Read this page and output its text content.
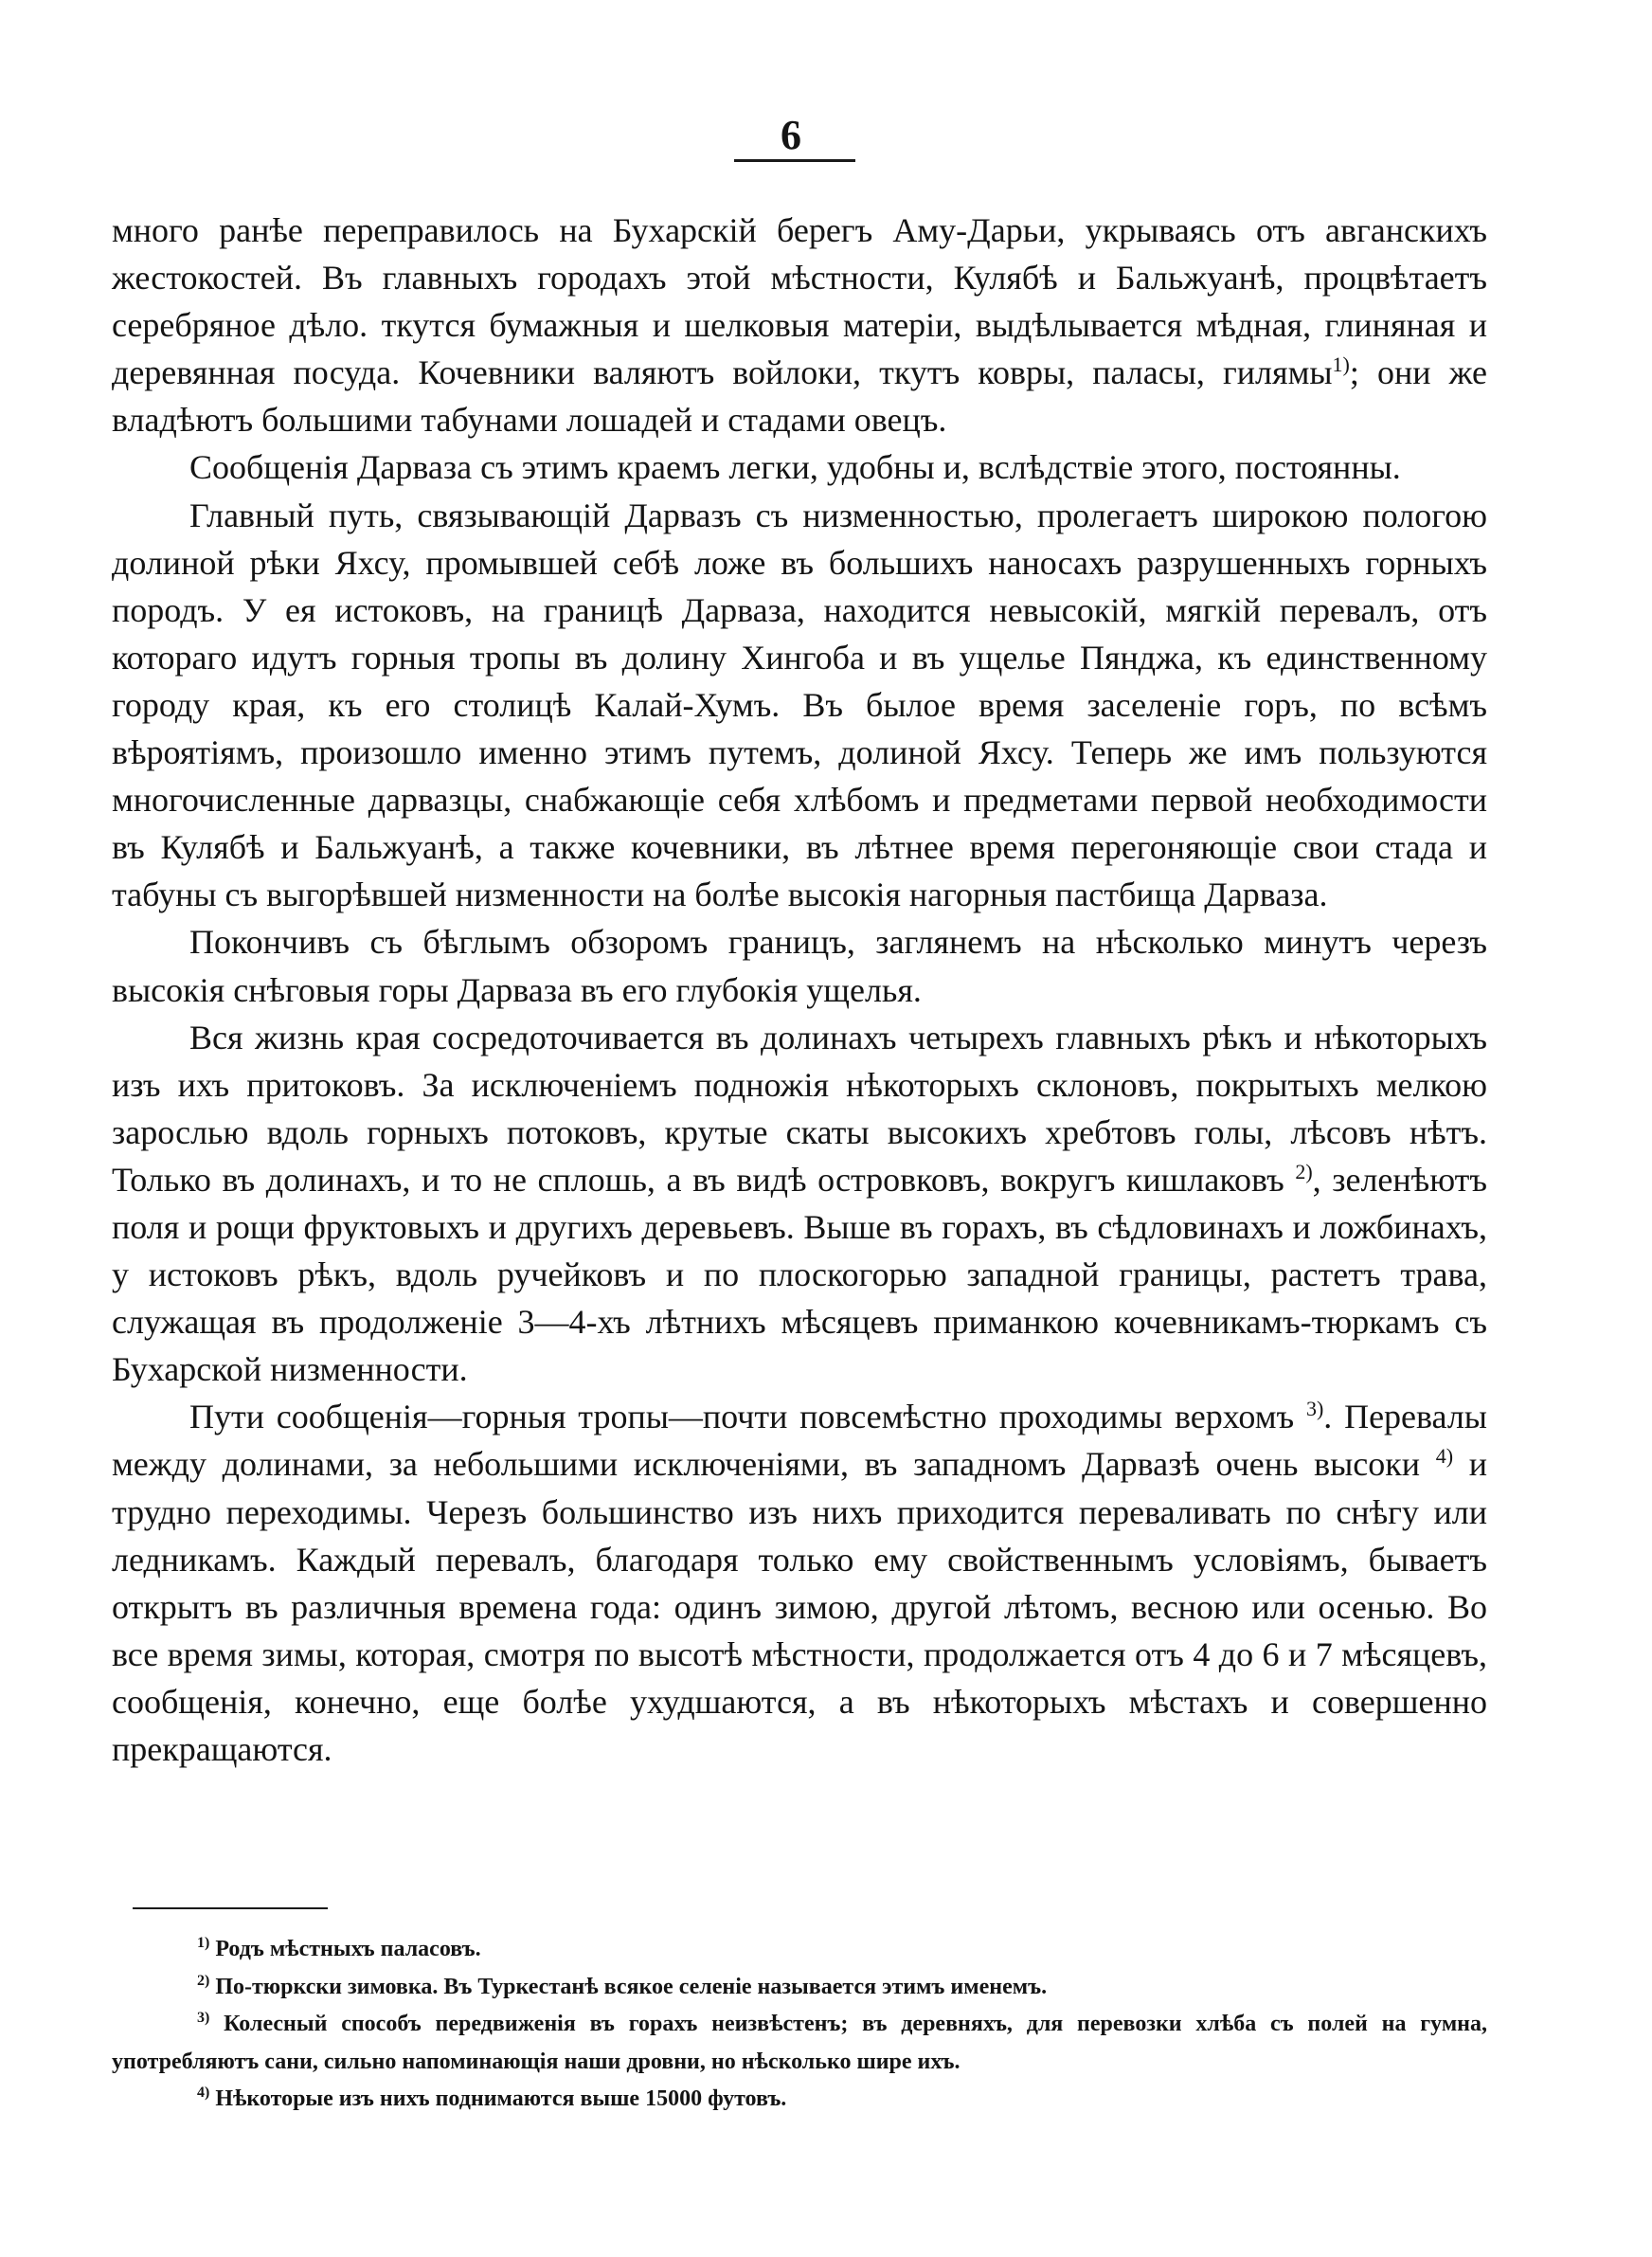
6

много ранѣе переправилось на Бухарскій берегъ Аму-Дарьи, укрываясь отъ авганскихъ жестокостей. Въ главныхъ городахъ этой мѣстности, Кулябѣ и Бальжуанѣ, процвѣтаетъ серебряное дѣло. ткутся бумажныя и шелковыя матеріи, выдѣлывается мѣдная, глиняная и деревянная посуда. Кочевники валяютъ войлоки, ткутъ ковры, паласы, гилямы$^{1)}$; они же владѣютъ большими табунами лошадей и стадами овецъ.

Сообщенія Дарваза съ этимъ краемъ легки, удобны и, вслѣдствіе этого, постоянны.

Главный путь, связывающій Дарвазъ съ низменностью, пролегаетъ широкою пологою долиной рѣки Яхсу, промывшей себѣ ложе въ большихъ наносахъ разрушенныхъ горныхъ породъ. У ея истоковъ, на границѣ Дарваза, находится невысокій, мягкій перевалъ, отъ котораго идутъ горныя тропы въ долину Хингоба и въ ущелье Пянджа, къ единственному городу края, къ его столицѣ Калай-Хумъ. Въ былое время заселеніе горъ, по всѣмъ вѣроятіямъ, произошло именно этимъ путемъ, долиной Яхсу. Теперь же имъ пользуются многочисленные дарвазцы, снабжающіе себя хлѣбомъ и предметами первой необходимости въ Кулябѣ и Бальжуанѣ, а также кочевники, въ лѣтнее время перегоняющіе свои стада и табуны съ выгорѣвшей низменности на болѣе высокія нагорныя пастбища Дарваза.

Покончивъ съ бѣглымъ обзоромъ границъ, заглянемъ на нѣсколько минутъ черезъ высокія снѣговыя горы Дарваза въ его глубокія ущелья.

Вся жизнь края сосредоточивается въ долинахъ четырехъ главныхъ рѣкъ и нѣкоторыхъ изъ ихъ притоковъ. За исключеніемъ подножія нѣкоторыхъ склоновъ, покрытыхъ мелкою зарослью вдоль горныхъ потоковъ, крутые скаты высокихъ хребтовъ голы, лѣсовъ нѣтъ. Только въ долинахъ, и то не сплошь, а въ видѣ островковъ, вокругъ кишлаковъ $^{2)}$, зеленѣютъ поля и рощи фруктовыхъ и другихъ деревьевъ. Выше въ горахъ, въ сѣдловинахъ и ложбинахъ, у истоковъ рѣкъ, вдоль ручейковъ и по плоскогорью западной границы, растетъ трава, служащая въ продолженіе 3—4-хъ лѣтнихъ мѣсяцевъ приманкою кочевникамъ-тюркамъ съ Бухарской низменности.

Пути сообщенія—горныя тропы—почти повсемѣстно проходимы верхомъ $^{3)}$. Перевалы между долинами, за небольшими исключеніями, въ западномъ Дарвазѣ очень высоки $^{4)}$ и трудно переходимы. Черезъ большинство изъ нихъ приходится переваливать по снѣгу или ледникамъ. Каждый перевалъ, благодаря только ему свойственнымъ условіямъ, бываетъ открытъ въ различныя времена года: одинъ зимою, другой лѣтомъ, весною или осенью. Во все время зимы, которая, смотря по высотѣ мѣстности, продолжается отъ 4 до 6 и 7 мѣсяцевъ, сообщенія, конечно, еще болѣе ухудшаются, а въ нѣкоторыхъ мѣстахъ и совершенно прекращаются.

$^{1)}$ Родъ мѣстныхъ паласовъ.

$^{2)}$ По-тюркски зимовка. Въ Туркестанѣ всякое селеніе называется этимъ именемъ.

$^{3)}$ Колесный способъ передвиженія въ горахъ неизвѣстенъ; въ деревняхъ, для перевозки хлѣба съ полей на гумна, употребляютъ сани, сильно напоминающія наши дровни, но нѣсколько шире ихъ.

$^{4)}$ Нѣкоторые изъ нихъ поднимаются выше 15000 футовъ.
